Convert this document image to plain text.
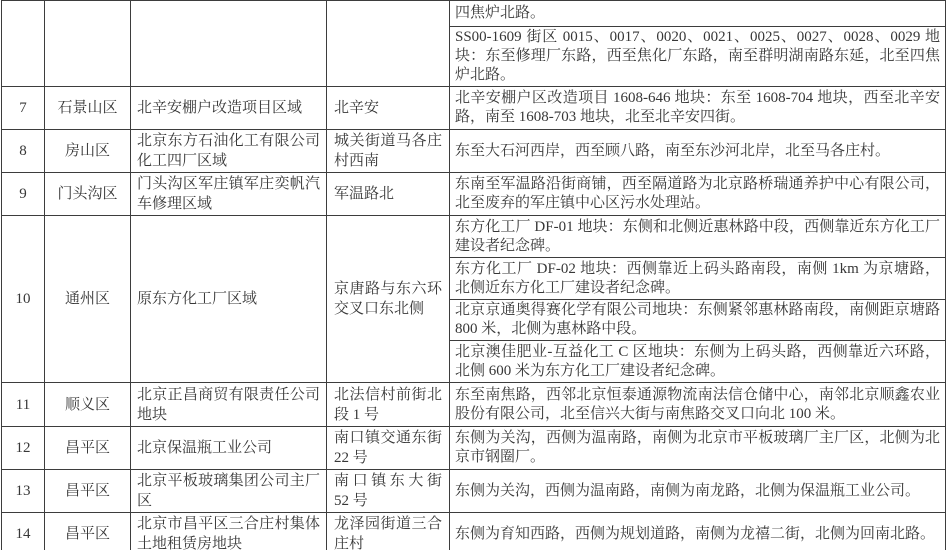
				四焦炉北路。
				SS00-1609 街区 0015、0017、0020、0021、0025、0027、0028、0029 地块：东至修理厂东路，西至焦化厂东路，南至群明湖南路东延，北至四焦炉北路。
7	石景山区	北辛安棚户改造项目区域	北辛安	北辛安棚户区改造项目 1608-646 地块：东至 1608-704 地块，西至北辛安路，南至 1608-703 地块，北至北辛安四街。
8	房山区	北京东方石油化工有限公司化工四厂区域	城关街道马各庄村西南	东至大石河西岸，西至顾八路，南至东沙河北岸，北至马各庄村。
9	门头沟区	门头沟区军庄镇军庄奕帆汽车修理区域	军温路北	东南至军温路沿街商铺，西至隔道路为北京路桥瑞通养护中心有限公司，北至废弃的军庄镇中心区污水处理站。
10	通州区	原东方化工厂区域	京唐路与东六环交叉口东北侧	东方化工厂 DF-01 地块：东侧和北侧近惠林路中段，西侧靠近东方化工厂建设者纪念碑。
				东方化工厂 DF-02 地块：西侧靠近上码头路南段，南侧 1km 为京塘路，北侧近东方化工厂建设者纪念碑。
				北京京通奥得赛化学有限公司地块：东侧紧邻惠林路南段，南侧距京塘路 800 米，北侧为惠林路中段。
				北京澳佳肥业-互益化工 C 区地块：东侧为上码头路，西侧靠近六环路，北侧 600 米为东方化工厂建设者纪念碑。
11	顺义区	北京正昌商贸有限责任公司地块	北法信村前街北段 1 号	东至南焦路，西邻北京恒泰通源物流南法信仓储中心，南邻北京顺鑫农业股份有限公司，北至信兴大街与南焦路交叉口向北 100 米。
12	昌平区	北京保温瓶工业公司	南口镇交通东街 22 号	东侧为关沟，西侧为温南路，南侧为北京市平板玻璃厂主厂区，北侧为北京市钢圈厂。
13	昌平区	北京平板玻璃集团公司主厂区	南口镇东大街 52 号	东侧为关沟，西侧为温南路，南侧为南龙路，北侧为保温瓶工业公司。
14	昌平区	北京市昌平区三合庄村集体土地租赁房地块	龙泽园街道三合庄村	东侧为育知西路，西侧为规划道路，南侧为龙禧二街，北侧为回南北路。
